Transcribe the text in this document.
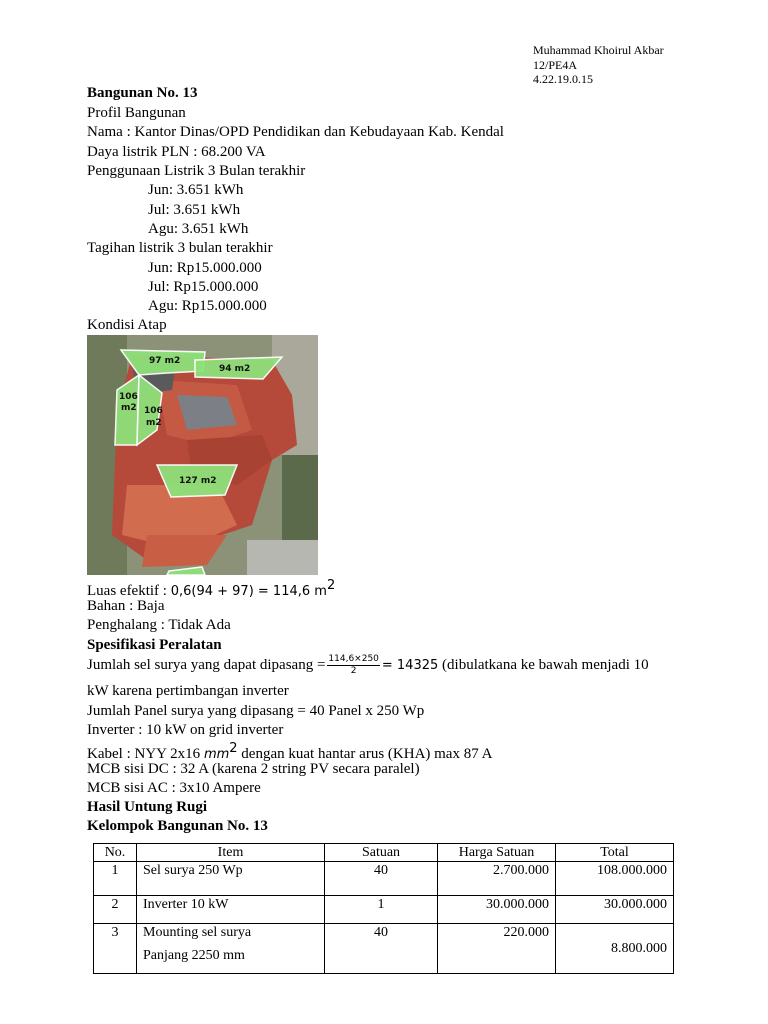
Muhammad Khoirul Akbar
12/PE4A
4.22.19.0.15
Bangunan No. 13
Profil Bangunan
Nama : Kantor Dinas/OPD Pendidikan dan Kebudayaan Kab. Kendal
Daya listrik PLN : 68.200 VA
Penggunaan Listrik 3 Bulan terakhir
Jun: 3.651 kWh
Jul: 3.651 kWh
Agu: 3.651 kWh
Tagihan listrik 3 bulan terakhir
Jun: Rp15.000.000
Jul: Rp15.000.000
Agu: Rp15.000.000
Kondisi Atap
97 m2
94 m2
106
m2 106
m2
127 m2
Luas efektif : 0,6(94 + 97) = 114,6 $m^2$
Bahan : Baja
Penghalang : Tidak Ada
Spesifikasi Peralatan
Jumlah sel surya yang dapat dipasang = $\frac{114,6\times 250}{2} = 14325$ (dibulatkana ke bawah menjadi 10
kW karena pertimbangan inverter
Jumlah Panel surya yang dipasang = 40 Panel x 250 Wp
Inverter : 10 kW on grid inverter
Kabel : NYY 2x16 $mm^2$ dengan kuat hantar arus (KHA) max 87 A
MCB sisi DC : 32 A (karena 2 string PV secara paralel)
MCB sisi AC : 3x10 Ampere
Hasil Untung Rugi
Kelompok Bangunan No. 13
No.	Item	Satuan	Harga Satuan	Total
1	Sel surya 250 Wp	40	2.700.000	108.000.000
2	Inverter 10 kW	1	30.000.000	30.000.000
3	Mounting sel surya
Panjang 2250 mm	40	220.000	8.800.000
